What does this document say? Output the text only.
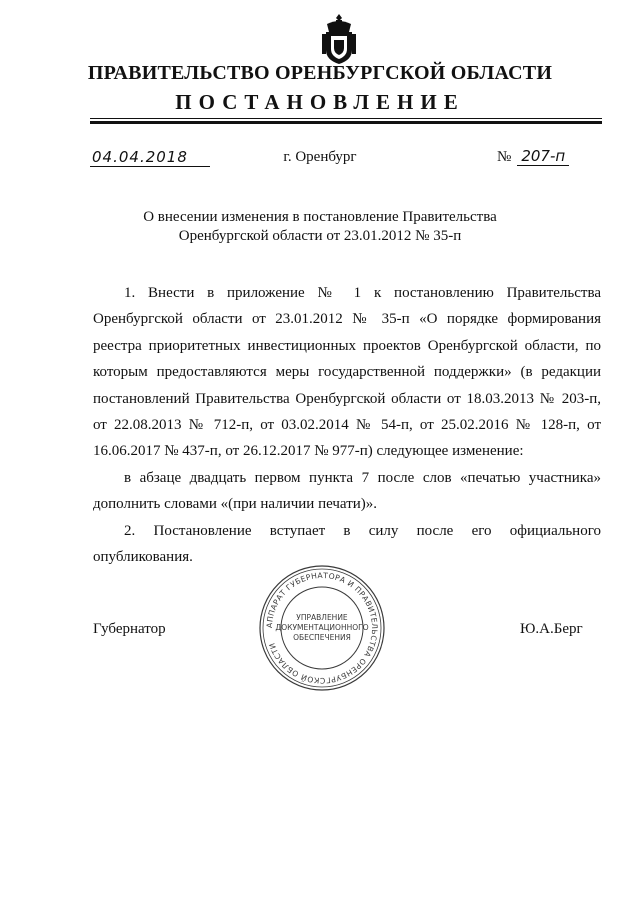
ПРАВИТЕЛЬСТВО ОРЕНБУРГСКОЙ ОБЛАСТИ
ПОСТАНОВЛЕНИЕ
04.04.2018	г. Оренбург	№ 207-п
О внесении изменения в постановление Правительства
Оренбургской области от 23.01.2012 № 35-п

1. Внести в приложение № 1 к постановлению Правительства Оренбургской области от 23.01.2012 № 35-п «О порядке формирования реестра приоритетных инвестиционных проектов Оренбургской области, по которым предоставляются меры государственной поддержки» (в редакции постановлений Правительства Оренбургской области от 18.03.2013 № 203-п, от 22.08.2013 № 712-п, от 03.02.2014 № 54-п, от 25.02.2016 № 128-п, от 16.06.2017 № 437-п, от 26.12.2017 № 977-п) следующее изменение:

в абзаце двадцать первом пункта 7 после слов «печатью участника» дополнить словами «(при наличии печати)».

2. Постановление вступает в силу после его официального опубликования.

Губернатор	Ю.А.Берг
АППАРАТ ГУБЕРНАТОРА И ПРАВИТЕЛЬСТВА ОРЕНБУРГСКОЙ ОБЛАСТИ
УПРАВЛЕНИЕ
ДОКУМЕНТАЦИОННОГО
ОБЕСПЕЧЕНИЯ
